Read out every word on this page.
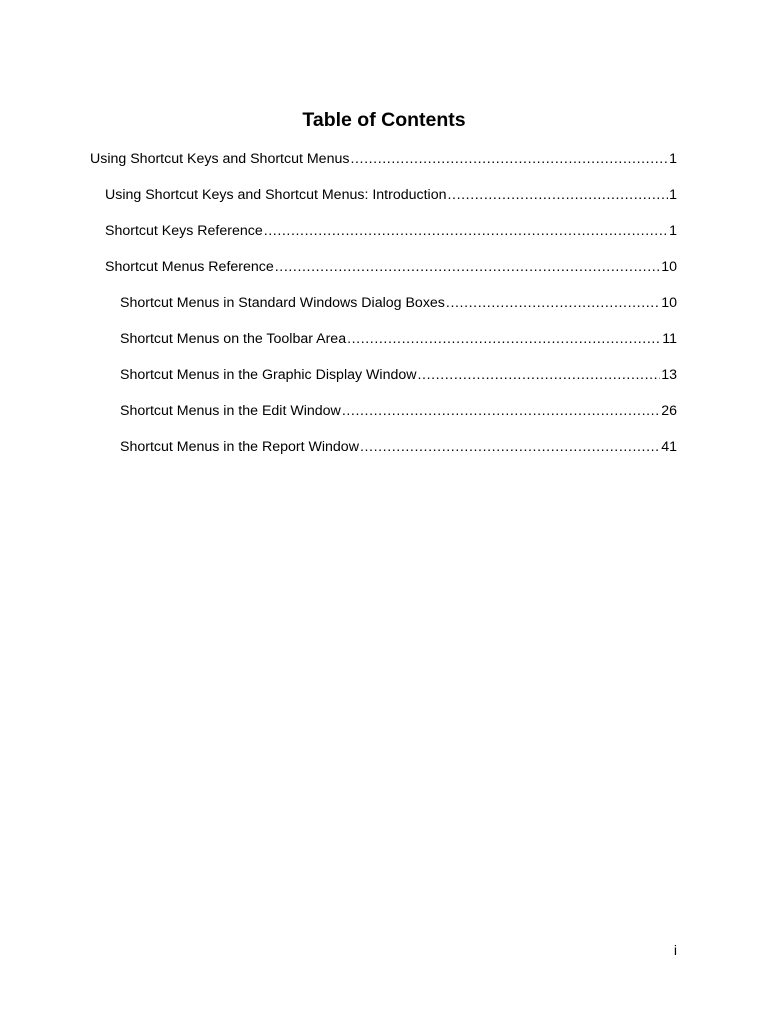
Table of Contents
Using Shortcut Keys and Shortcut Menus .....	1
Using Shortcut Keys and Shortcut Menus: Introduction .....	1
Shortcut Keys Reference .....	1
Shortcut Menus Reference .....	10
Shortcut Menus in Standard Windows Dialog Boxes .....	10
Shortcut Menus on the Toolbar Area .....	11
Shortcut Menus in the Graphic Display Window .....	13
Shortcut Menus in the Edit Window .....	26
Shortcut Menus in the Report Window .....	41
i
